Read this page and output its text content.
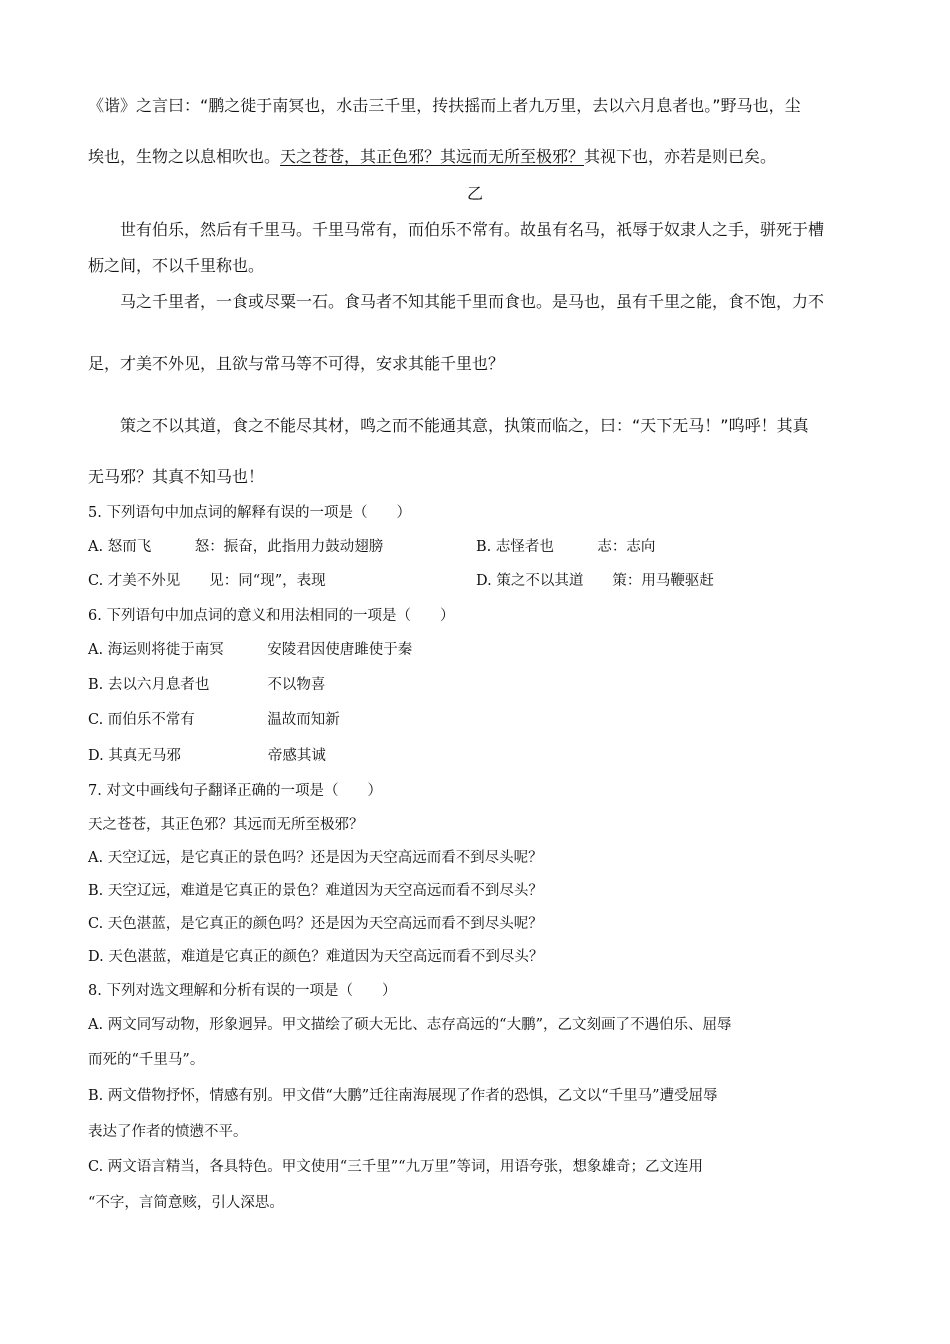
《谐》之言曰：“鹏之徙于南冥也，水击三千里，抟扶摇而上者九万里，去以六月息者也。”野马也，尘
埃也，生物之以息相吹也。天之苍苍，其正色邪？其远而无所至极邪？其视下也，亦若是则已矣。
乙
世有伯乐，然后有千里马。千里马常有，而伯乐不常有。故虽有名马，祇辱于奴隶人之手，骈死于槽
枥之间，不以千里称也。
马之千里者，一食或尽粟一石。食马者不知其能千里而食也。是马也，虽有千里之能，食不饱，力不
足，才美不外见，且欲与常马等不可得，安求其能千里也？
策之不以其道，食之不能尽其材，鸣之而不能通其意，执策而临之，曰：“天下无马！”呜呼！其真
无马邪？其真不知马也！
5. 下列语句中加点词的解释有误的一项是（　　）
A. 怒而飞　　　怒：振奋，此指用力鼓动翅膀	B. 志怪者也　　　志：志向
C. 才美不外见　　见：同“现”，表现	D. 策之不以其道　　策：用马鞭驱赶
6. 下列语句中加点词的意义和用法相同的一项是（　　）
A. 海运则将徙于南冥　　　安陵君因使唐雎使于秦
B. 去以六月息者也　　　　不以物喜
C. 而伯乐不常有　　　　　温故而知新
D. 其真无马邪　　　　　　帝感其诚
7. 对文中画线句子翻译正确的一项是（　　）
天之苍苍，其正色邪？其远而无所至极邪？
A. 天空辽远，是它真正的景色吗？还是因为天空高远而看不到尽头呢？
B. 天空辽远，难道是它真正的景色？难道因为天空高远而看不到尽头？
C. 天色湛蓝，是它真正的颜色吗？还是因为天空高远而看不到尽头呢？
D. 天色湛蓝，难道是它真正的颜色？难道因为天空高远而看不到尽头？
8. 下列对选文理解和分析有误的一项是（　　）
A. 两文同写动物，形象迥异。甲文描绘了硕大无比、志存高远的“大鹏”，乙文刻画了不遇伯乐、屈辱
而死的“千里马”。
B. 两文借物抒怀，情感有别。甲文借“大鹏”迁往南海展现了作者的恐惧，乙文以“千里马”遭受屈辱
表达了作者的愤懑不平。
C. 两文语言精当，各具特色。甲文使用“三千里”“九万里”等词，用语夸张，想象雄奇；乙文连用
“不字，言简意赅，引人深思。
